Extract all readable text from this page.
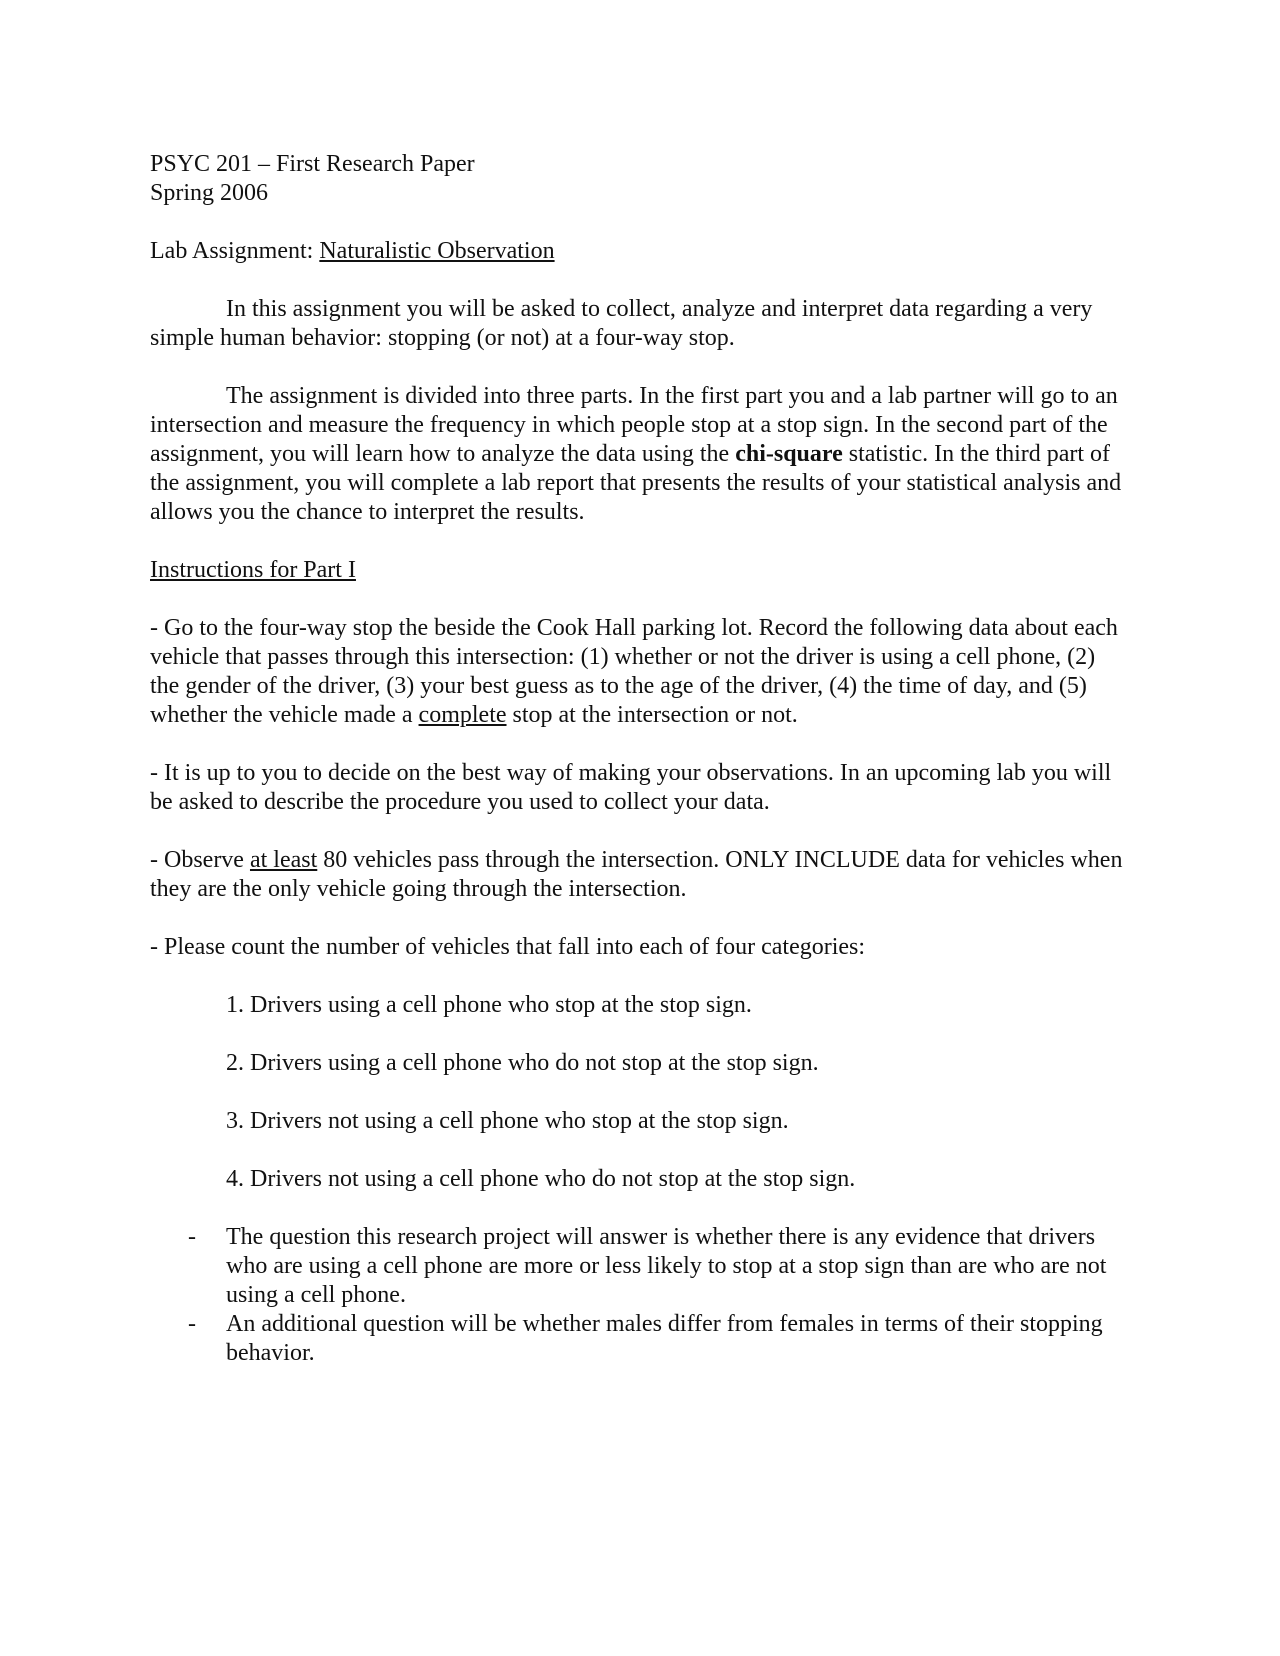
PSYC 201 – First Research Paper

Spring 2006

Lab Assignment: Naturalistic Observation

In this assignment you will be asked to collect, analyze and interpret data regarding a very simple human behavior: stopping (or not) at a four-way stop.

The assignment is divided into three parts. In the first part you and a lab partner will go to an intersection and measure the frequency in which people stop at a stop sign. In the second part of the assignment, you will learn how to analyze the data using the chi-square statistic. In the third part of the assignment, you will complete a lab report that presents the results of your statistical analysis and allows you the chance to interpret the results.

Instructions for Part I

- Go to the four-way stop the beside the Cook Hall parking lot. Record the following data about each vehicle that passes through this intersection: (1) whether or not the driver is using a cell phone, (2) the gender of the driver, (3) your best guess as to the age of the driver, (4) the time of day, and (5) whether the vehicle made a complete stop at the intersection or not.

- It is up to you to decide on the best way of making your observations. In an upcoming lab you will be asked to describe the procedure you used to collect your data.

- Observe at least 80 vehicles pass through the intersection. ONLY INCLUDE data for vehicles when they are the only vehicle going through the intersection.

- Please count the number of vehicles that fall into each of four categories:

1. Drivers using a cell phone who stop at the stop sign.

2. Drivers using a cell phone who do not stop at the stop sign.

3. Drivers not using a cell phone who stop at the stop sign.

4. Drivers not using a cell phone who do not stop at the stop sign.

-	The question this research project will answer is whether there is any evidence that drivers who are using a cell phone are more or less likely to stop at a stop sign than are who are not using a cell phone.
-	An additional question will be whether males differ from females in terms of their stopping behavior.
